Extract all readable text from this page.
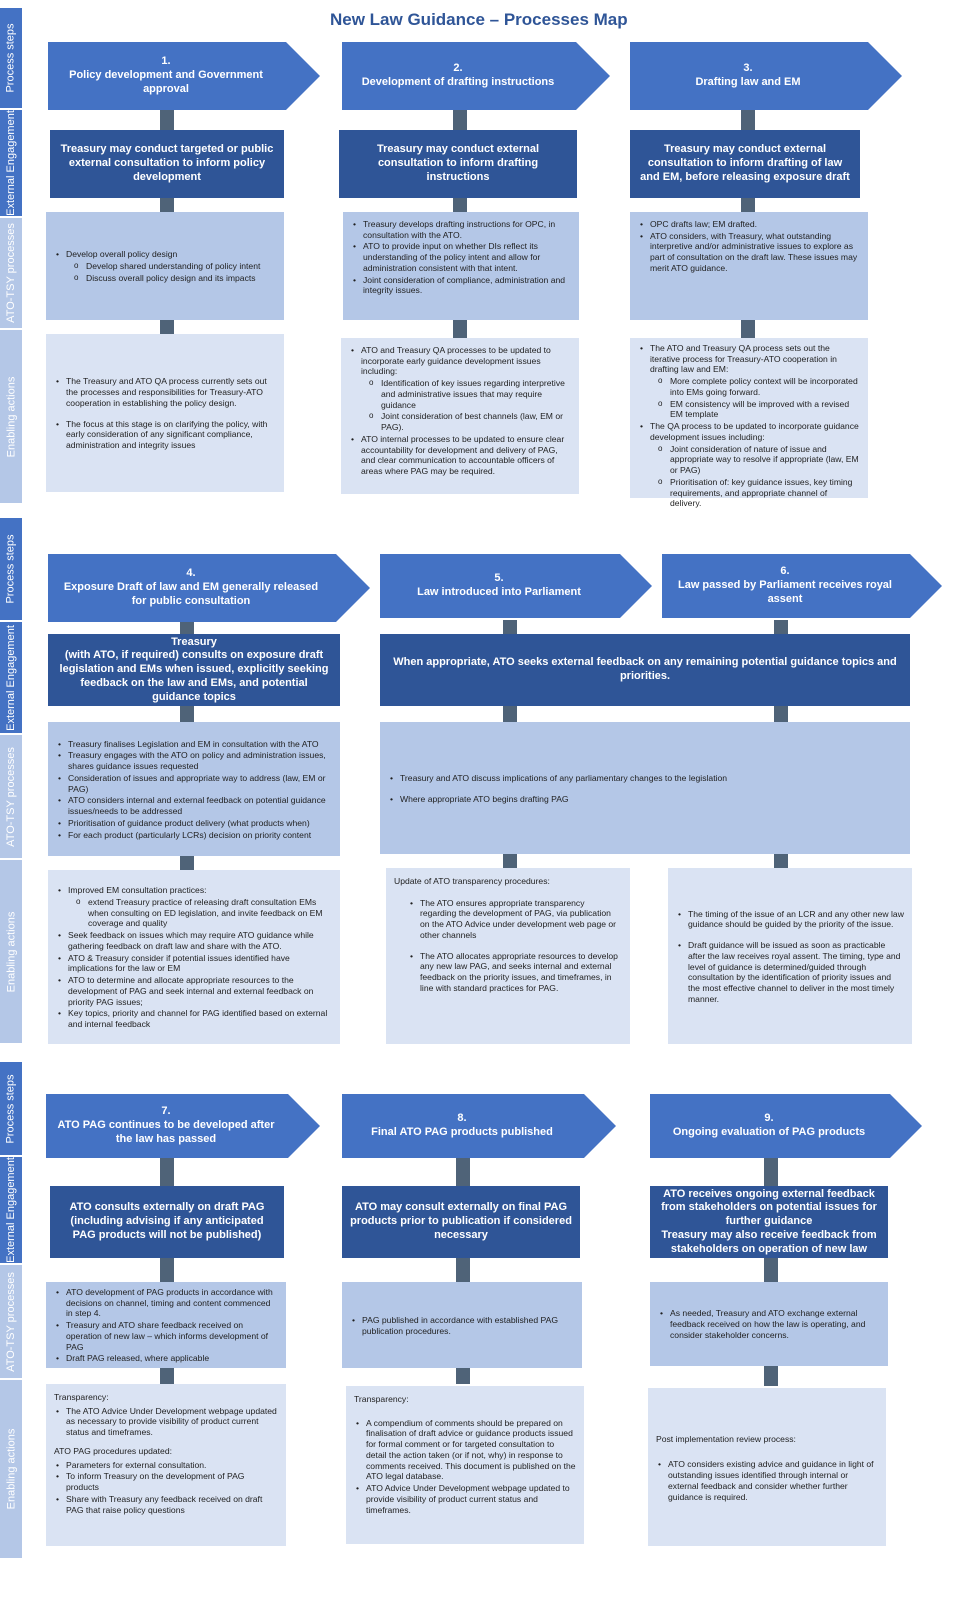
New Law Guidance – Processes Map
Process steps
External Engagement
ATO-TSY processes
Enabling actions
Process steps
External Engagement
ATO-TSY processes
Enabling actions
Process steps
External Engagement
ATO-TSY processes
Enabling actions
1.
Policy development and Government approval
2.
Development of drafting instructions
3.
Drafting law and EM
Treasury may conduct targeted or public external consultation to inform policy development
Treasury may conduct external consultation to inform drafting instructions
Treasury may conduct external consultation to inform drafting of law and EM, before releasing exposure draft
• Develop overall policy design
o Develop shared understanding of policy intent
o Discuss overall policy design and its impacts
• Treasury develops drafting instructions for OPC, in consultation with the ATO.
• ATO to provide input on whether DIs reflect its understanding of the policy intent and allow for administration consistent with that intent.
• Joint consideration of compliance, administration and integrity issues.
• OPC drafts law; EM drafted.
• ATO considers, with Treasury, what outstanding interpretive and/or administrative issues to explore as part of consultation on the draft law. These issues may merit ATO guidance.
• The Treasury and ATO QA process currently sets out the processes and responsibilities for Treasury-ATO cooperation in establishing the policy design.
• The focus at this stage is on clarifying the policy, with early consideration of any significant compliance, administration and integrity issues
• ATO and Treasury QA processes to be updated to incorporate early guidance development issues including:
o Identification of key issues regarding interpretive and administrative issues that may require guidance
o Joint consideration of best channels (law, EM or PAG).
• ATO internal processes to be updated to ensure clear accountability for development and delivery of PAG, and clear communication to accountable officers of areas where PAG may be required.
• The ATO and Treasury QA process sets out the iterative process for Treasury-ATO cooperation in drafting law and EM:
o More complete policy context will be incorporated into EMs going forward.
o EM consistency will be improved with a revised EM template
• The QA process to be updated to incorporate guidance development issues including:
o Joint consideration of nature of issue and appropriate way to resolve if appropriate (law, EM or PAG)
o Prioritisation of: key guidance issues, key timing requirements, and appropriate channel of delivery.
4.
Exposure Draft of law and EM generally released for public consultation
5.
Law introduced into Parliament
6.
Law passed by Parliament receives royal assent
Treasury
(with ATO, if required) consults on exposure draft legislation and EMs when issued, explicitly seeking feedback on the law and EMs, and potential guidance topics
When appropriate, ATO seeks external feedback on any remaining potential guidance topics and priorities.
• Treasury finalises Legislation and EM in consultation with the ATO
• Treasury engages with the ATO on policy and administration issues, shares guidance issues requested
• Consideration of issues and appropriate way to address (law, EM or PAG)
• ATO considers internal and external feedback on potential guidance issues/needs to be addressed
• Prioritisation of guidance product delivery (what products when)
• For each product (particularly LCRs) decision on priority content
• Treasury and ATO discuss implications of any parliamentary changes to the legislation
• Where appropriate ATO begins drafting PAG
• Improved EM consultation practices:
o extend Treasury practice of releasing draft consultation EMs when consulting on ED legislation, and invite feedback on EM coverage and quality
• Seek feedback on issues which may require ATO guidance while gathering feedback on draft law and share with the ATO.
• ATO & Treasury consider if potential issues identified have implications for the law or EM
• ATO to determine and allocate appropriate resources to the development of PAG and seek internal and external feedback on priority PAG issues;
• Key topics, priority and channel for PAG identified based on external and internal feedback

Update of ATO transparency procedures:

• The ATO ensures appropriate transparency regarding the development of PAG, via publication on the ATO Advice under development web page or other channels
• The ATO allocates appropriate resources to develop any new law PAG, and seeks internal and external feedback on the priority issues, and timeframes, in line with standard practices for PAG.
• The timing of the issue of an LCR and any other new law guidance should be guided by the priority of the issue.
• Draft guidance will be issued as soon as practicable after the law receives royal assent. The timing, type and level of guidance is determined/guided through consultation by the identification of priority issues and the most effective channel to deliver in the most timely manner.
7.
ATO PAG continues to be developed after the law has passed
8.
Final ATO PAG products published
9.
Ongoing evaluation of PAG products
ATO consults externally on draft PAG (including advising if any anticipated PAG products will not be published)
ATO may consult externally on final PAG products prior to publication if considered necessary
ATO receives ongoing external feedback from stakeholders on potential issues for further guidance
Treasury may also receive feedback from stakeholders on operation of new law
• ATO development of PAG products in accordance with decisions on channel, timing and content commenced in step 4.
• Treasury and ATO share feedback received on operation of new law – which informs development of PAG
• Draft PAG released, where applicable
• PAG published in accordance with established PAG publication procedures.
• As needed, Treasury and ATO exchange external feedback received on how the law is operating, and consider stakeholder concerns.

Transparency:

• The ATO Advice Under Development webpage updated as necessary to provide visibility of product current status and timeframes.

ATO PAG procedures updated:

• Parameters for external consultation.
• To inform Treasury on the development of PAG products
• Share with Treasury any feedback received on draft PAG that raise policy questions

Transparency:

• A compendium of comments should be prepared on finalisation of draft advice or guidance products issued for formal comment or for targeted consultation to detail the action taken (or if not, why) in response to comments received. This document is published on the ATO legal database.
• ATO Advice Under Development webpage updated to provide visibility of product current status and timeframes.

Post implementation review process:

• ATO considers existing advice and guidance in light of outstanding issues identified through internal or external feedback and consider whether further guidance is required.
